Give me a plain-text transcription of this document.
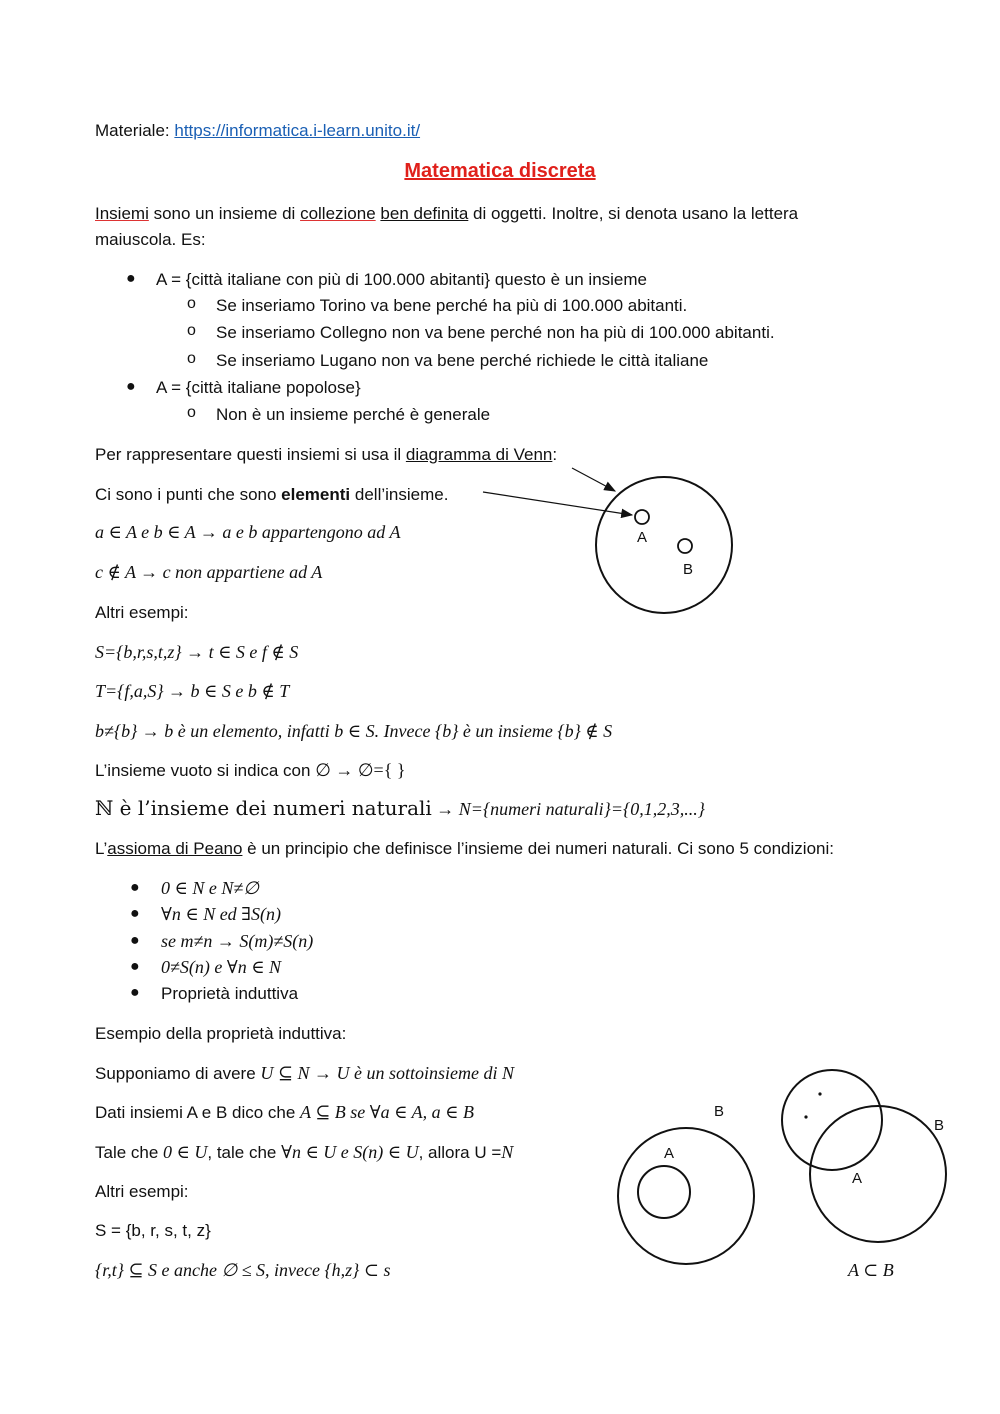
Materiale: https://informatica.i-learn.unito.it/
Matematica discreta
Insiemi sono un insieme di collezione ben definita di oggetti. Inoltre, si denota usano la lettera
maiuscola. Es:
● A = {città italiane con più di 100.000 abitanti} questo è un insieme
o Se inseriamo Torino va bene perché ha più di 100.000 abitanti.
o Se inseriamo Collegno non va bene perché non ha più di 100.000 abitanti.
o Se inseriamo Lugano non va bene perché richiede le città italiane
● A = {città italiane popolose}
o Non è un insieme perché è generale
Per rappresentare questi insiemi si usa il diagramma di Venn:
Ci sono i punti che sono elementi dell’insieme.
a ∈ A e b ∈ A → a e b appartengono ad A
c ∉ A → c non appartiene ad A
Altri esempi:
S={b,r,s,t,z} → t ∈ S e f ∉ S
T={f,a,S} → b ∈ S e b ∉ T
b≠{b} → b è un elemento, infatti b ∈ S. Invece {b} è un insieme {b} ∉ S
L’insieme vuoto si indica con ∅ → ∅={ }
ℕ è l’insieme dei numeri naturali → N={numeri naturali}={0,1,2,3,...}
L’assioma di Peano è un principio che definisce l’insieme dei numeri naturali. Ci sono 5 condizioni:
● 0 ∈ N e N≠∅
● ∀n ∈ N ed ∃S(n)
● se m≠n → S(m)≠S(n)
● 0≠S(n) e ∀n ∈ N
● Proprietà induttiva
Esempio della proprietà induttiva:
Supponiamo di avere U ⊆ N → U è un sottoinsieme di N
Dati insiemi A e B dico che A ⊆ B se ∀a ∈ A, a ∈ B
Tale che 0 ∈ U, tale che ∀n ∈ U e S(n) ∈ U, allora U =N
Altri esempi:
S = {b, r, s, t, z}
{r,t} ⊆ S e anche ∅ ≤ S, invece {h,z} ⊂ s	A ⊂ B
A
B
B
A
B
A
